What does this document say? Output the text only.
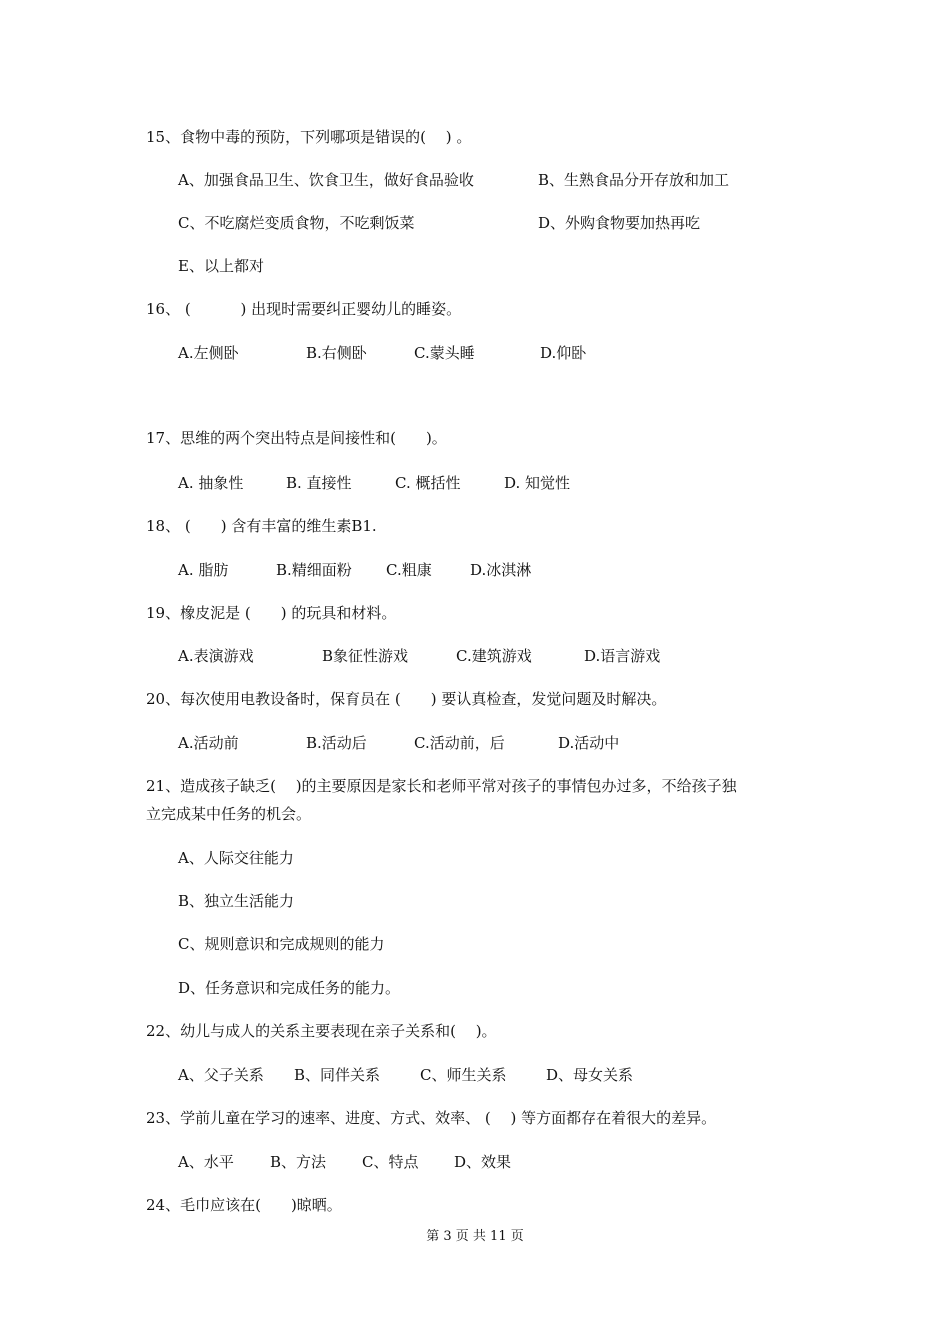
15、食物中毒的预防，下列哪项是错误的(　 ) 。
A、加强食品卫生、饮食卫生，做好食品验收	B、生熟食品分开存放和加工
C、不吃腐烂变质食物，不吃剩饭菜	D、外购食物要加热再吃
E、以上都对
16、 (　　　 ) 出现时需要纠正婴幼儿的睡姿。
A.左侧卧	B.右侧卧	C.蒙头睡	D.仰卧
17、思维的两个突出特点是间接性和(　　)。
A. 抽象性	B. 直接性	C. 概括性	D. 知觉性
18、 (　　) 含有丰富的维生素B1.
A. 脂肪	B.精细面粉 C.粗康	D.冰淇淋
19、橡皮泥是 (　　) 的玩具和材料。
A.表演游戏	B象征性游戏	C.建筑游戏	D.语言游戏
20、每次使用电教设备时，保育员在 (　　) 要认真检查，发觉问题及时解决。
A.活动前	B.活动后	C.活动前，后	D.活动中
21、造成孩子缺乏(　 )的主要原因是家长和老师平常对孩子的事情包办过多，不给孩子独
立完成某中任务的机会。
A、人际交往能力
B、独立生活能力
C、规则意识和完成规则的能力
D、任务意识和完成任务的能力。
22、幼儿与成人的关系主要表现在亲子关系和(　 )。
A、父子关系 B、同伴关系	C、师生关系	D、母女关系
23、学前儿童在学习的速率、进度、方式、效率、 (　 ) 等方面都存在着很大的差异。
A、水平 B、方法 C、特点 D、效果
24、毛巾应该在(　　)晾晒。
第 3 页 共 11 页
